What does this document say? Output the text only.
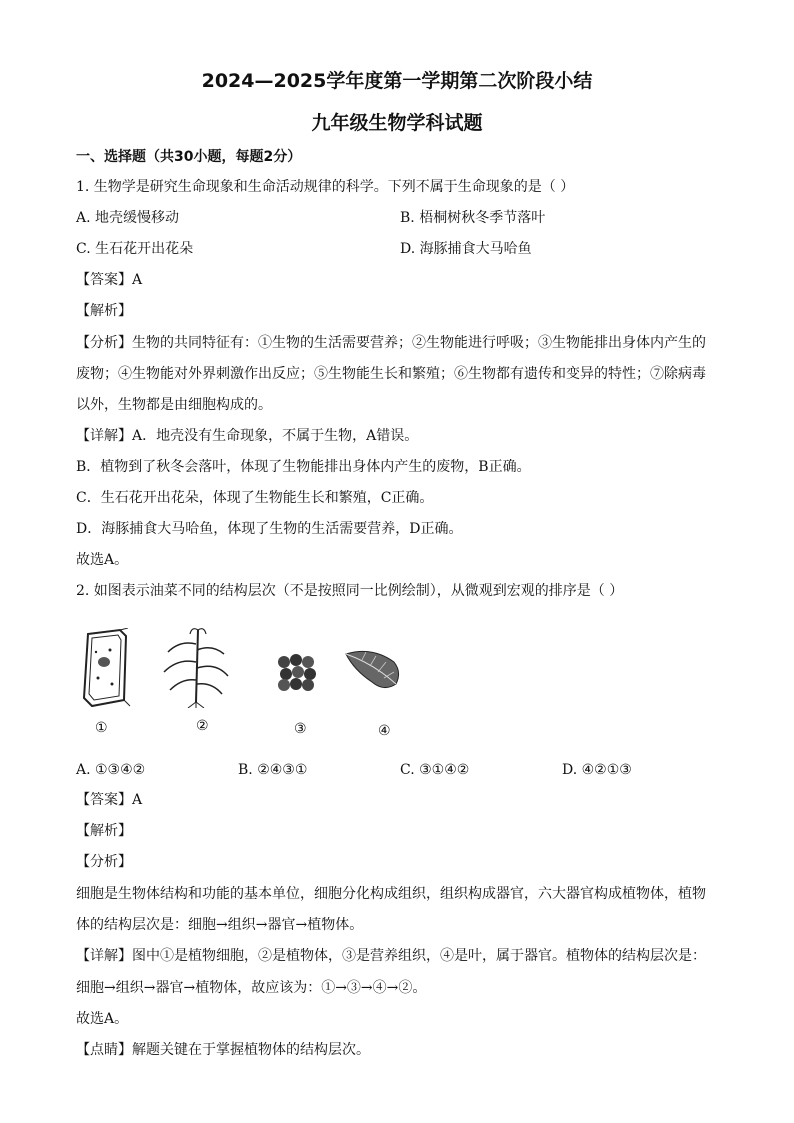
2024—2025学年度第一学期第二次阶段小结
九年级生物学科试题
一、选择题（共30小题，每题2分）
1. 生物学是研究生命现象和生命活动规律的科学。下列不属于生命现象的是（ ）
A. 地壳缓慢移动	B. 梧桐树秋冬季节落叶
C. 生石花开出花朵	D. 海豚捕食大马哈鱼
【答案】A
【解析】
【分析】生物的共同特征有：①生物的生活需要营养；②生物能进行呼吸；③生物能排出身体内产生的
废物；④生物能对外界刺激作出反应；⑤生物能生长和繁殖；⑥生物都有遗传和变异的特性；⑦除病毒
以外，生物都是由细胞构成的。
【详解】A．地壳没有生命现象，不属于生物，A错误。
B．植物到了秋冬会落叶，体现了生物能排出身体内产生的废物，B正确。
C．生石花开出花朵，体现了生物能生长和繁殖，C正确。
D．海豚捕食大马哈鱼，体现了生物的生活需要营养，D正确。
故选A。
2. 如图表示油菜不同的结构层次（不是按照同一比例绘制），从微观到宏观的排序是（ ）
①	②	③	④
A. ①③④②	B. ②④③①	C. ③①④②	D. ④②①③
【答案】A
【解析】
【分析】
细胞是生物体结构和功能的基本单位，细胞分化构成组织，组织构成器官，六大器官构成植物体，植物
体的结构层次是：细胞→组织→器官→植物体。
【详解】图中①是植物细胞，②是植物体，③是营养组织，④是叶，属于器官。植物体的结构层次是：
细胞→组织→器官→植物体，故应该为：①→③→④→②。
故选A。
【点睛】解题关键在于掌握植物体的结构层次。
